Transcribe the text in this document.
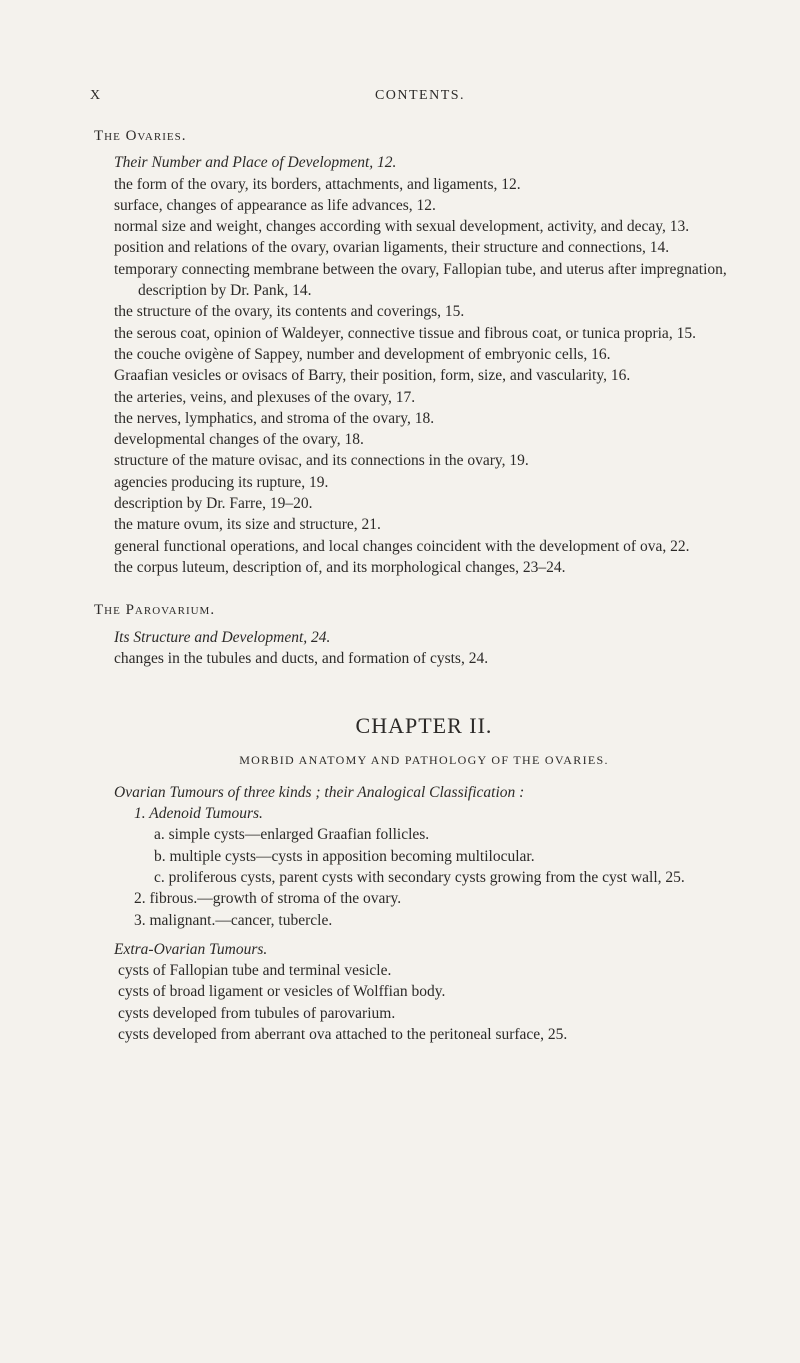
X	CONTENTS.
The Ovaries.
Their Number and Place of Development, 12.
the form of the ovary, its borders, attachments, and ligaments, 12.
surface, changes of appearance as life advances, 12.
normal size and weight, changes according with sexual development, activity, and decay, 13.
position and relations of the ovary, ovarian ligaments, their structure and connections, 14.
temporary connecting membrane between the ovary, Fallopian tube, and uterus after impregnation, description by Dr. Pank, 14.
the structure of the ovary, its contents and coverings, 15.
the serous coat, opinion of Waldeyer, connective tissue and fibrous coat, or tunica propria, 15.
the couche ovigène of Sappey, number and development of embryonic cells, 16.
Graafian vesicles or ovisacs of Barry, their position, form, size, and vascularity, 16.
the arteries, veins, and plexuses of the ovary, 17.
the nerves, lymphatics, and stroma of the ovary, 18.
developmental changes of the ovary, 18.
structure of the mature ovisac, and its connections in the ovary, 19.
agencies producing its rupture, 19.
description by Dr. Farre, 19–20.
the mature ovum, its size and structure, 21.
general functional operations, and local changes coincident with the development of ova, 22.
the corpus luteum, description of, and its morphological changes, 23–24.
The Parovarium.
Its Structure and Development, 24.
changes in the tubules and ducts, and formation of cysts, 24.
CHAPTER II.
MORBID ANATOMY AND PATHOLOGY OF THE OVARIES.
Ovarian Tumours of three kinds ; their Analogical Classification :
1. Adenoid Tumours.
a. simple cysts—enlarged Graafian follicles.
b. multiple cysts—cysts in apposition becoming multilocular.
c. proliferous cysts, parent cysts with secondary cysts growing from the cyst wall, 25.
2. fibrous.—growth of stroma of the ovary.
3. malignant.—cancer, tubercle.
Extra-Ovarian Tumours.
cysts of Fallopian tube and terminal vesicle.
cysts of broad ligament or vesicles of Wolffian body.
cysts developed from tubules of parovarium.
cysts developed from aberrant ova attached to the peritoneal surface, 25.
